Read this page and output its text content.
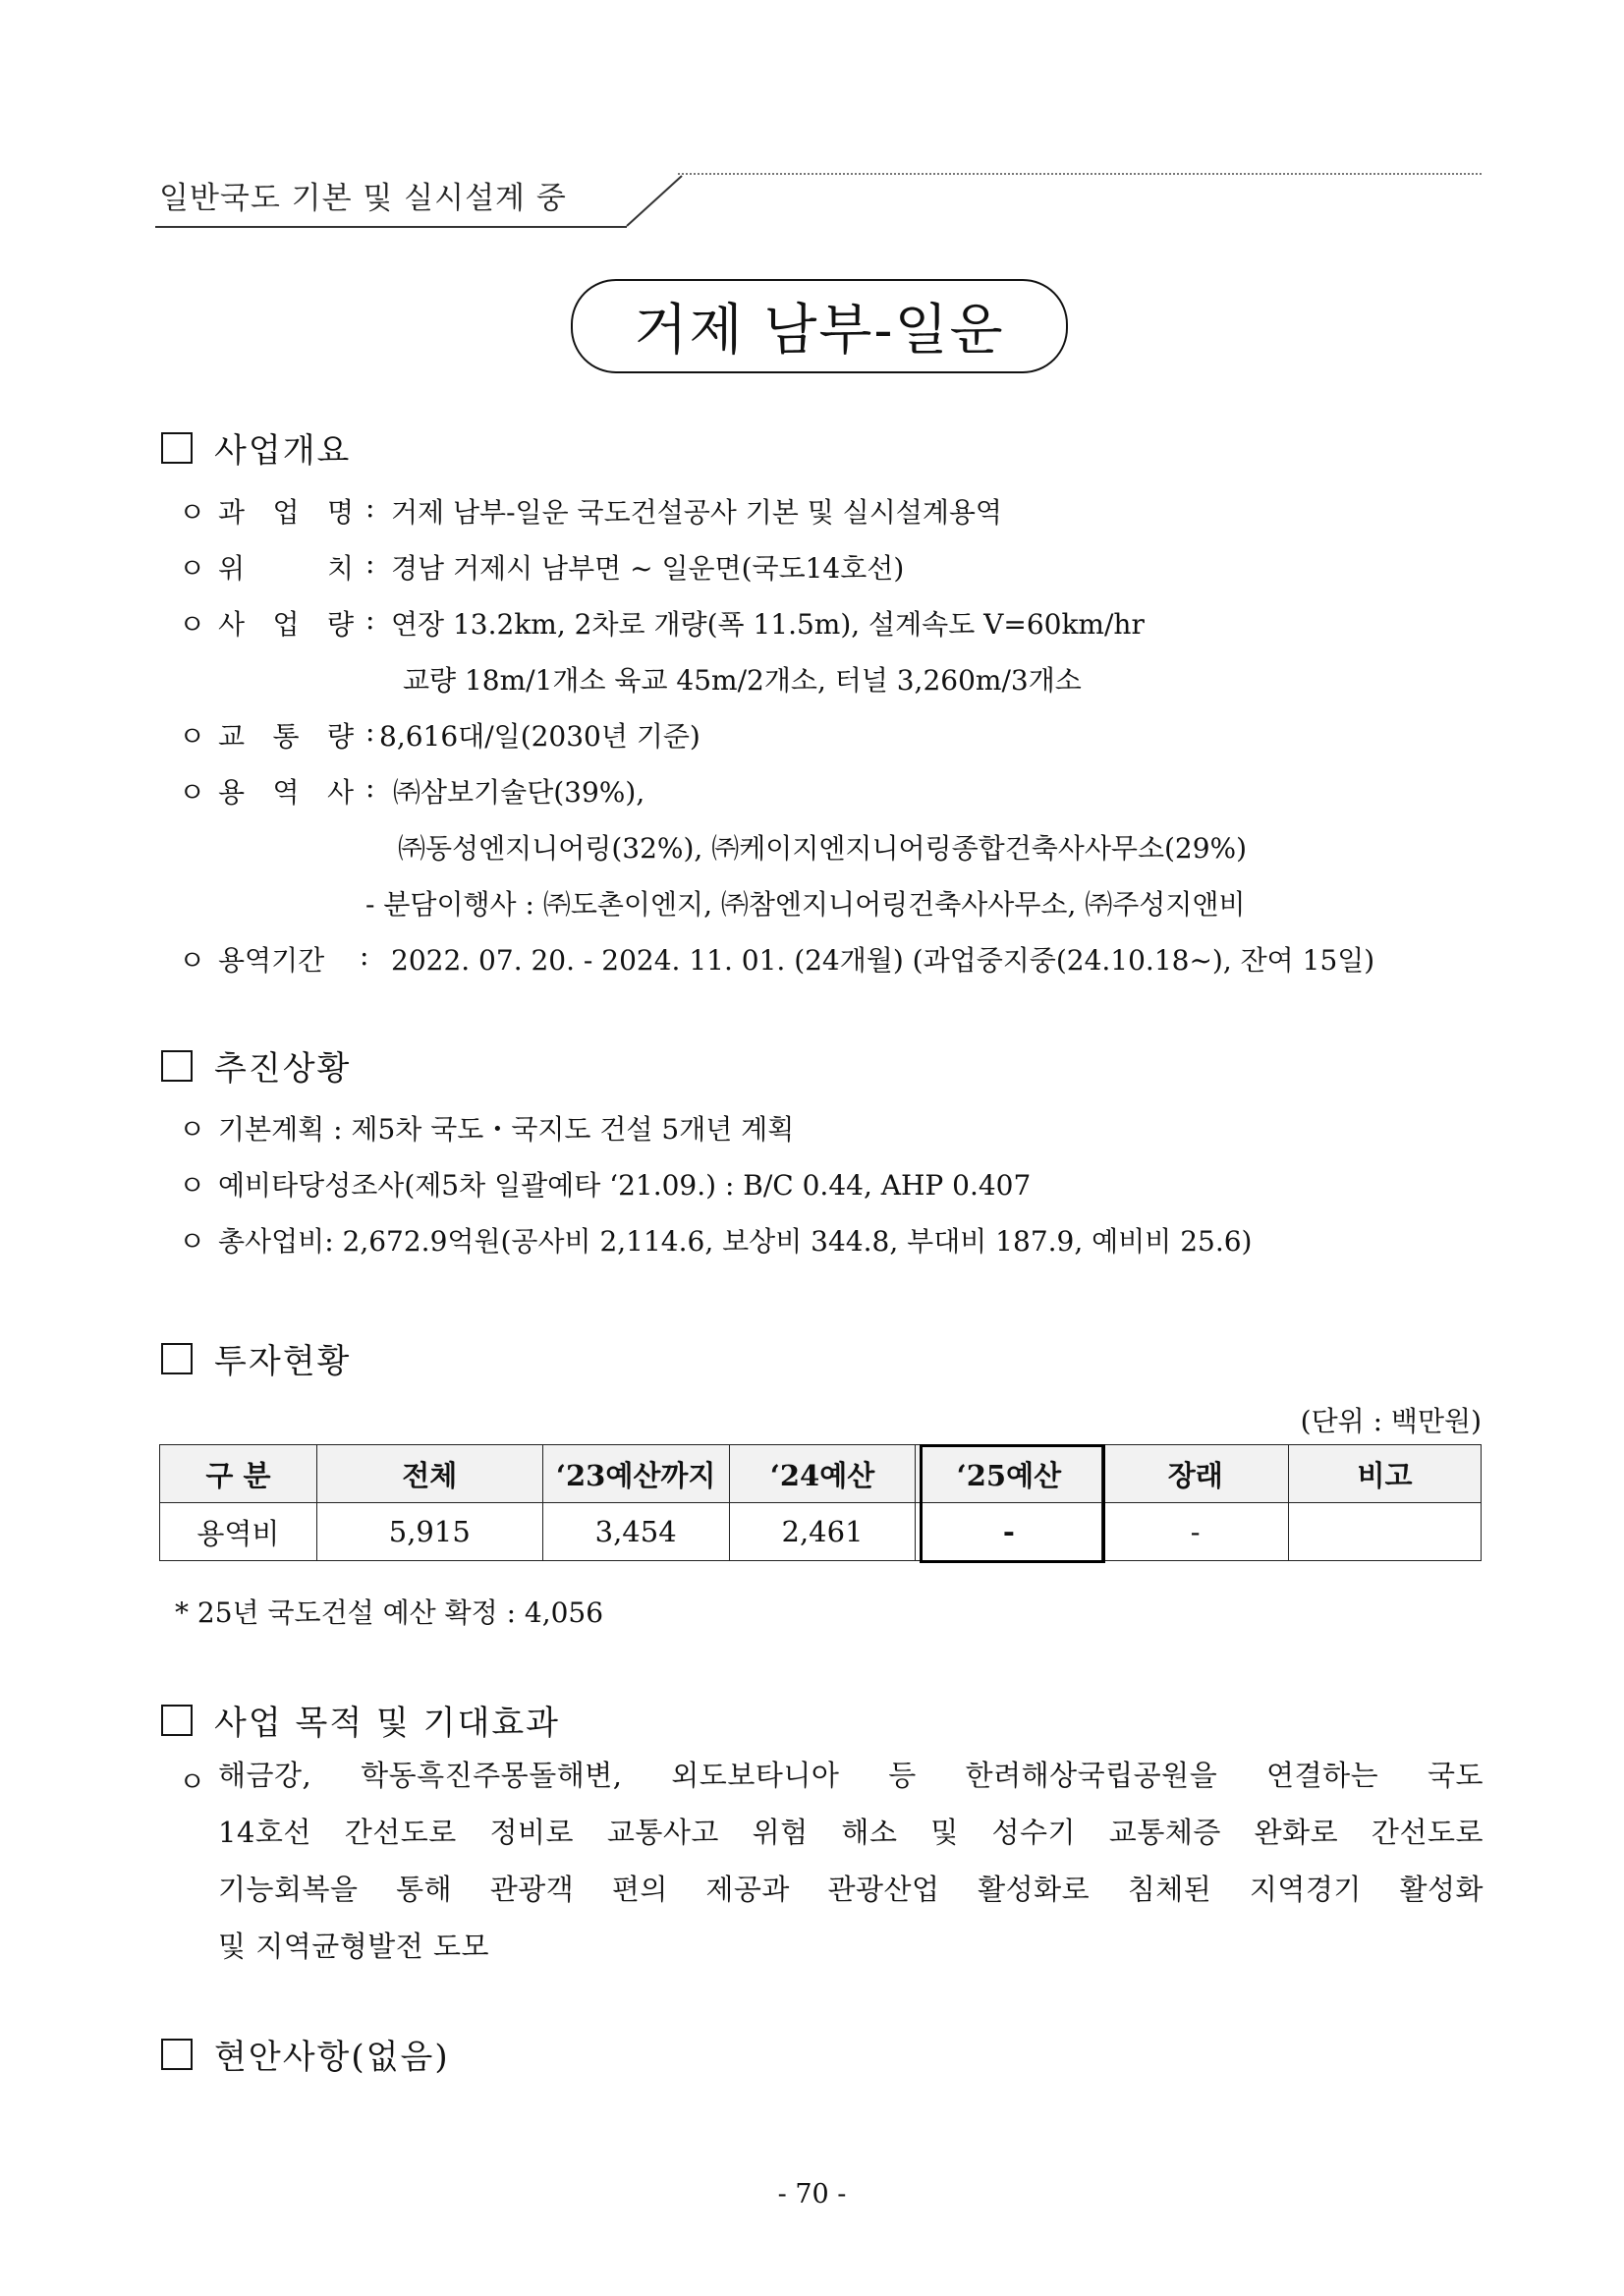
일반국도 기본 및 실시설계 중
거제 남부-일운
사업개요
ㅇ 과 업 명 : 거제 남부-일운 국도건설공사 기본 및 실시설계용역
ㅇ 위	치 : 경남 거제시 남부면 ~ 일운면(국도14호선)
ㅇ 사 업 량 : 연장 13.2km, 2차로 개량(폭 11.5m), 설계속도 V=60km/hr
교량 18m/1개소 육교 45m/2개소, 터널 3,260m/3개소
ㅇ 교 통 량 : 8,616대/일(2030년 기준)
ㅇ 용 역 사 : ㈜삼보기술단(39%),
㈜동성엔지니어링(32%), ㈜케이지엔지니어링종합건축사사무소(29%)
- 분담이행사 : ㈜도촌이엔지, ㈜참엔지니어링건축사사무소, ㈜주성지앤비
ㅇ 용역기간 : 2022. 07. 20. - 2024. 11. 01. (24개월) (과업중지중(24.10.18~), 잔여 15일)
추진상황
ㅇ 기본계획 : 제5차 국도・국지도 건설 5개년 계획
ㅇ 예비타당성조사(제5차 일괄예타 ‘21.09.) : B/C 0.44, AHP 0.407
ㅇ 총사업비: 2,672.9억원(공사비 2,114.6, 보상비 344.8, 부대비 187.9, 예비비 25.6)
투자현황
(단위 : 백만원)
구 분	전체	‘23예산까지	‘24예산	‘25예산	장래	비고
용역비	5,915	3,454	2,461	-	-	
* 25년 국도건설 예산 확정 : 4,056
사업 목적 및 기대효과
ㅇ 해금강, 학동흑진주몽돌해변, 외도보타니아 등 한려해상국립공원을 연결하는 국도
14호선 간선도로 정비로 교통사고 위험 해소 및 성수기 교통체증 완화로 간선도로
기능회복을 통해 관광객 편의 제공과 관광산업 활성화로 침체된 지역경기 활성화
및 지역균형발전 도모
현안사항(없음)
- 70 -
